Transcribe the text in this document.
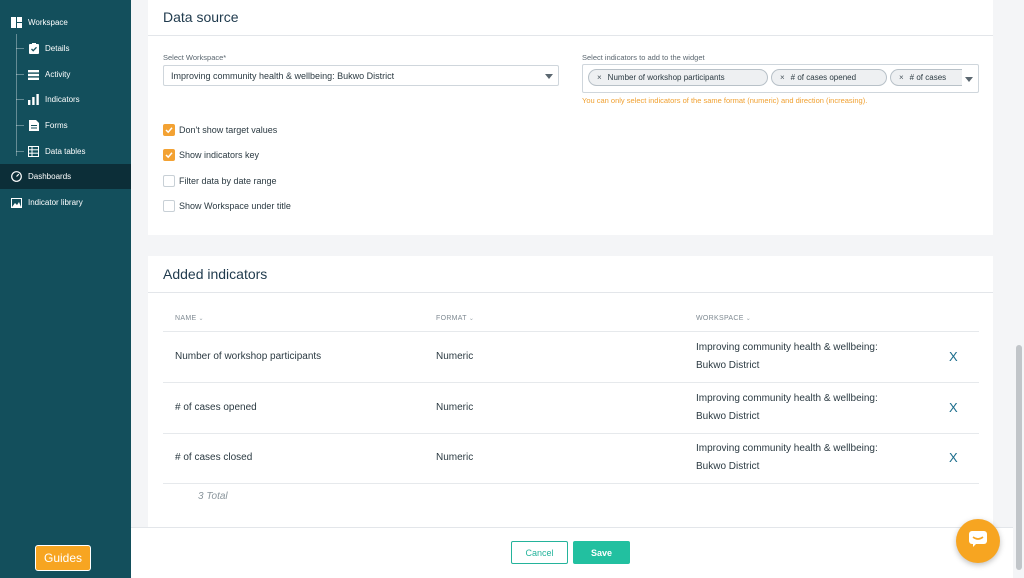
Workspace
Details
Activity
Indicators
Forms
Data tables
Dashboards
Indicator library
Guides
Data source
Select Workspace*
Improving community health & wellbeing: Bukwo District
Select indicators to add to the widget
× Number of workshop participants	× # of cases opened	× # of cases
You can only select indicators of the same format (numeric) and direction (increasing).
Don't show target values
Show indicators key
Filter data by date range
Show Workspace under title
Added indicators
NAME ⌄	FORMAT ⌄	WORKSPACE ⌄
Number of workshop participants	Numeric
Improving community health & wellbeing:
Bukwo District
X
# of cases opened	Numeric
Improving community health & wellbeing:
Bukwo District
X
# of cases closed	Numeric
Improving community health & wellbeing:
Bukwo District
X
3 Total
Cancel	Save
